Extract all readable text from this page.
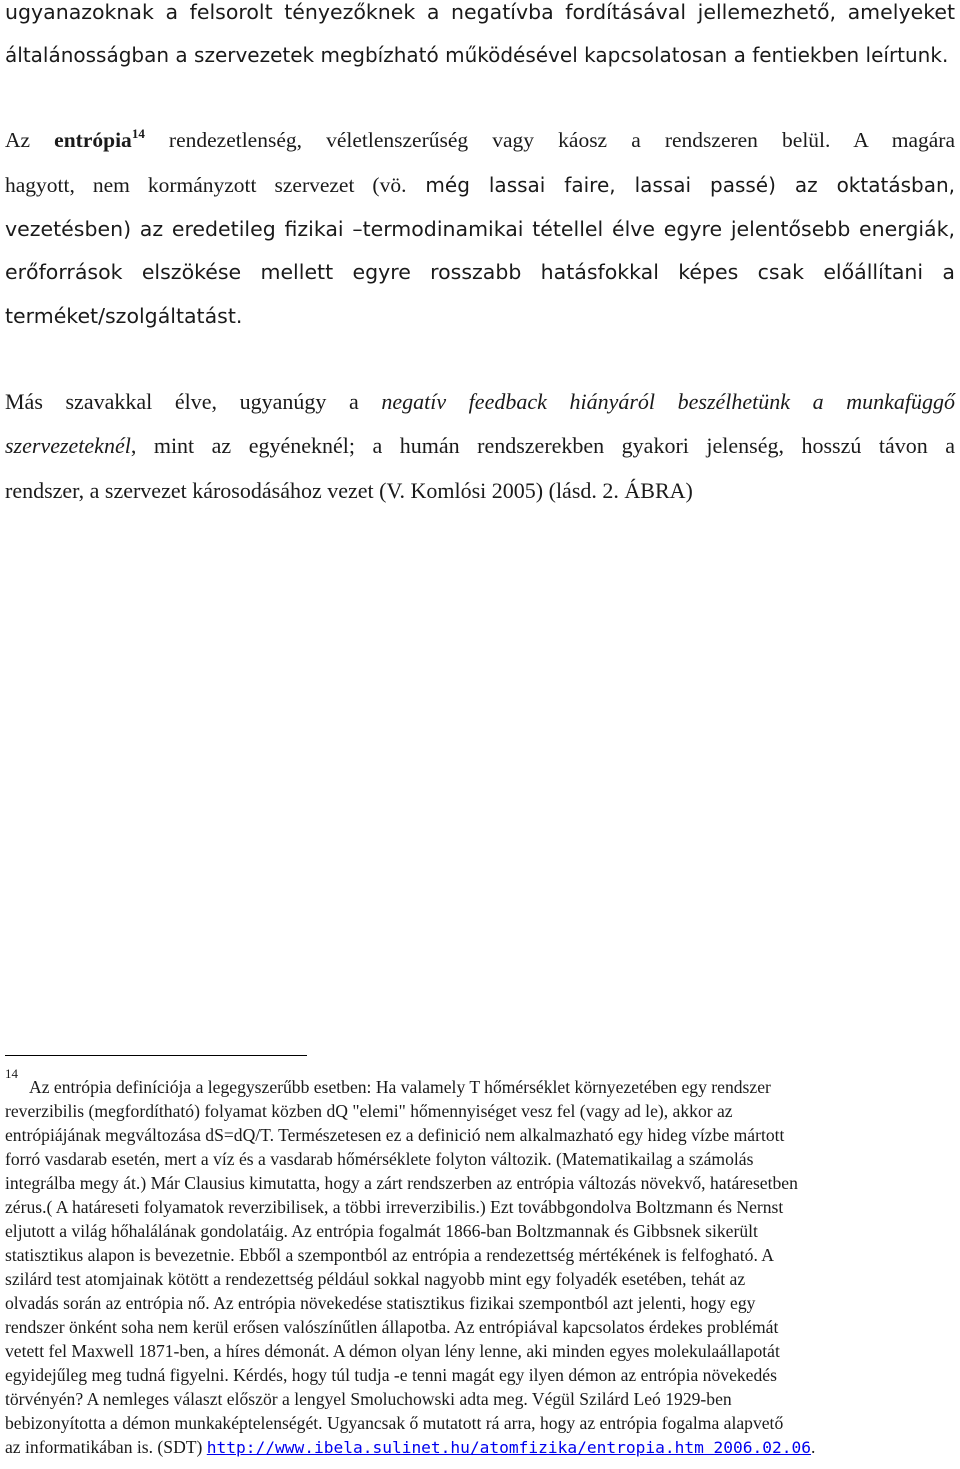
ugyanazoknak a felsorolt tényezőknek a negatívba fordításával jellemezhető, amelyeket
általánosságban a szervezetek megbízható működésével kapcsolatosan a fentiekben leírtunk.
Az entrópia$^{14}$ rendezetlenség, véletlenszerűség vagy káosz a rendszeren belül. A magára
hagyott, nem kormányzott szervezet (vö. még lassai faire, lassai passé) az oktatásban,
vezetésben) az eredetileg fizikai –termodinamikai tétellel élve egyre jelentősebb energiák,
erőforrások elszökése mellett egyre rosszabb hatásfokkal képes csak előállítani a
terméket/szolgáltatást.
Más szavakkal élve, ugyanúgy a negatív feedback hiányáról beszélhetünk a munkafüggő
szervezeteknél, mint az egyéneknél; a humán rendszerekben gyakori jelenség, hosszú távon a
rendszer, a szervezet károsodásához vezet (V. Komlósi 2005) (lásd. 2. ÁBRA)
14
Az entrópia definíciója a legegyszerűbb esetben: Ha valamely T hőmérséklet környezetében egy rendszer
reverzibilis (megfordítható) folyamat közben dQ "elemi" hőmennyiséget vesz fel (vagy ad le), akkor az
entrópiájának megváltozása dS=dQ/T. Természetesen ez a definició nem alkalmazható egy hideg vízbe mártott
forró vasdarab esetén, mert a víz és a vasdarab hőmérséklete folyton változik. (Matematikailag a számolás
integrálba megy át.) Már Clausius kimutatta, hogy a zárt rendszerben az entrópia változás növekvő, határesetben
zérus.( A határeseti folyamatok reverzibilisek, a többi irreverzibilis.) Ezt továbbgondolva Boltzmann és Nernst
eljutott a világ hőhalálának gondolatáig. Az entrópia fogalmát 1866-ban Boltzmannak és Gibbsnek sikerült
statisztikus alapon is bevezetnie. Ebből a szempontból az entrópia a rendezettség mértékének is felfogható. A
szilárd test atomjainak kötött a rendezettség például sokkal nagyobb mint egy folyadék esetében, tehát az
olvadás során az entrópia nő. Az entrópia növekedése statisztikus fizikai szempontból azt jelenti, hogy egy
rendszer önként soha nem kerül erősen valószínűtlen állapotba. Az entrópiával kapcsolatos érdekes problémát
vetett fel Maxwell 1871-ben, a híres démonát. A démon olyan lény lenne, aki minden egyes molekulaállapotát
egyidejűleg meg tudná figyelni. Kérdés, hogy túl tudja -e tenni magát egy ilyen démon az entrópia növekedés
törvényén? A nemleges választ először a lengyel Smoluchowski adta meg. Végül Szilárd Leó 1929-ben
bebizonyította a démon munkaképtelenségét. Ugyancsak ő mutatott rá arra, hogy az entrópia fogalma alapvető
az informatikában is. (SDT) http://www.ibela.sulinet.hu/atomfizika/entropia.htm 2006.02.06.
